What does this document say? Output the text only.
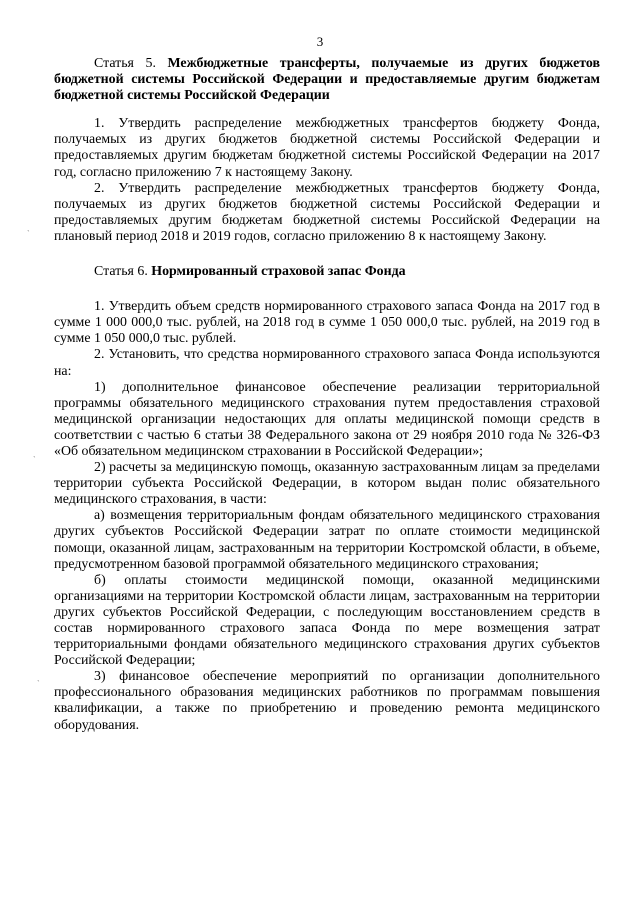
3

Статья 5. Межбюджетные трансферты, получаемые из других бюджетов бюджетной системы Российской Федерации и предоставляемые другим бюджетам бюджетной системы Российской Федерации

1. Утвердить распределение межбюджетных трансфертов бюджету Фонда, получаемых из других бюджетов бюджетной системы Российской Федерации и предоставляемых другим бюджетам бюджетной системы Российской Федерации на 2017 год, согласно приложению 7 к настоящему Закону.

2. Утвердить распределение межбюджетных трансфертов бюджету Фонда, получаемых из других бюджетов бюджетной системы Российской Федерации и предоставляемых другим бюджетам бюджетной системы Российской Федерации на плановый период 2018 и 2019 годов, согласно приложению 8 к настоящему Закону.

Статья 6. Нормированный страховой запас Фонда

1. Утвердить объем средств нормированного страхового запаса Фонда на 2017 год в сумме 1 000 000,0 тыс. рублей, на 2018 год в сумме 1 050 000,0 тыс. рублей, на 2019 год в сумме 1 050 000,0 тыс. рублей.

2. Установить, что средства нормированного страхового запаса Фонда используются на:

1) дополнительное финансовое обеспечение реализации территориальной программы обязательного медицинского страхования путем предоставления страховой медицинской организации недостающих для оплаты медицинской помощи средств в соответствии с частью 6 статьи 38 Федерального закона от 29 ноября 2010 года № 326-ФЗ «Об обязательном медицинском страховании в Российской Федерации»;

2) расчеты за медицинскую помощь, оказанную застрахованным лицам за пределами территории субъекта Российской Федерации, в котором выдан полис обязательного медицинского страхования, в части:

а) возмещения территориальным фондам обязательного медицинского страхования других субъектов Российской Федерации затрат по оплате стоимости медицинской помощи, оказанной лицам, застрахованным на территории Костромской области, в объеме, предусмотренном базовой программой обязательного медицинского страхования;

б) оплаты стоимости медицинской помощи, оказанной медицинскими организациями на территории Костромской области лицам, застрахованным на территории других субъектов Российской Федерации, с последующим восстановлением средств в состав нормированного страхового запаса Фонда по мере возмещения затрат территориальными фондами обязательного медицинского страхования других субъектов Российской Федерации;

3) финансовое обеспечение мероприятий по организации дополнительного профессионального образования медицинских работников по программам повышения квалификации, а также по приобретению и проведению ремонта медицинского оборудования.

`
`
`
